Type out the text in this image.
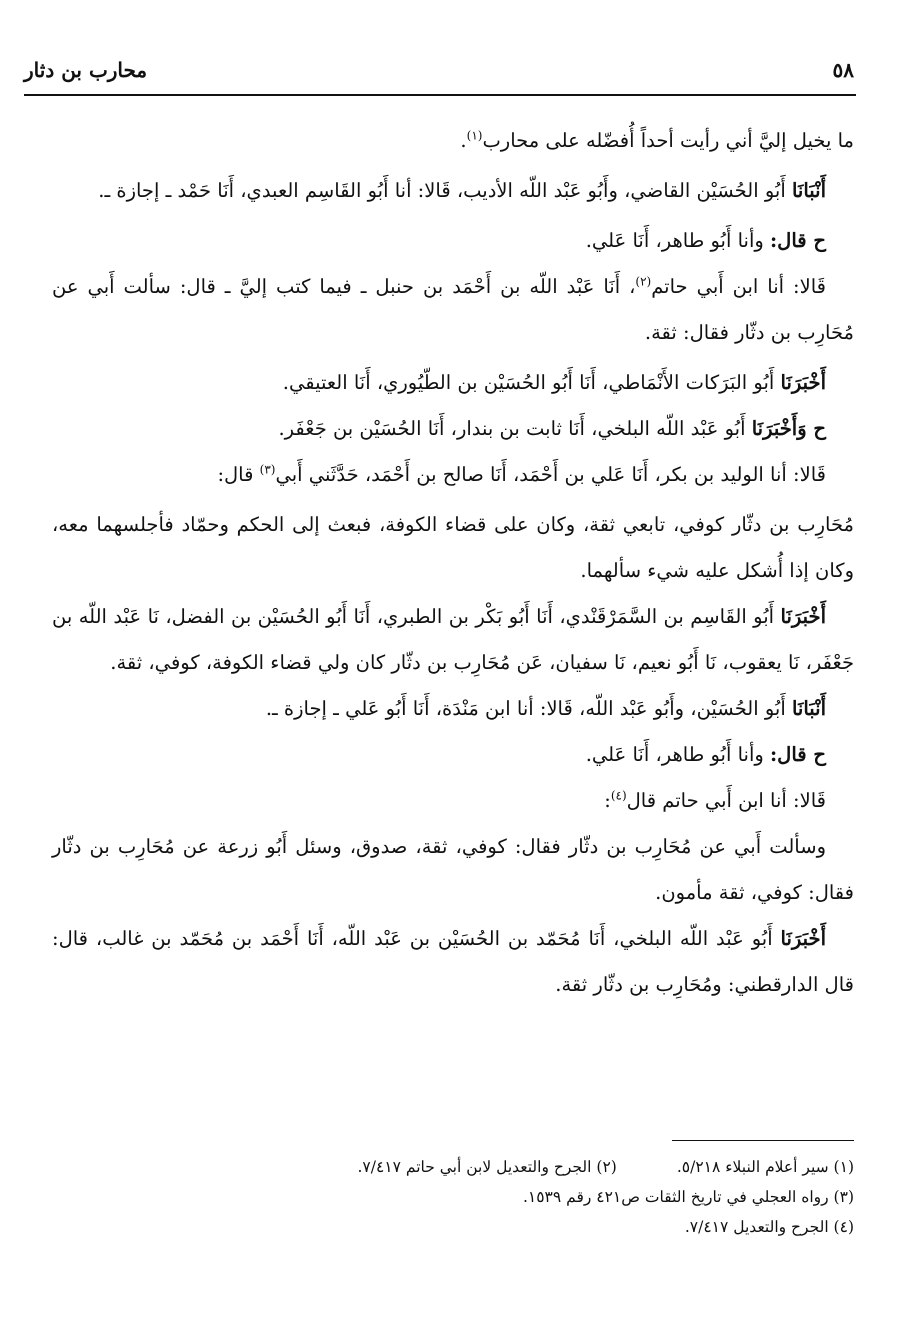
٥٨
محارب بن دثار

ما يخيل إليَّ أني رأيت أحداً أُفضّله على محارب$^{(١)}$.

أَنْبَانَا أَبُو الحُسَيْن القاضي، وأَبُو عَبْد اللّه الأديب، قَالا: أنا أَبُو القَاسِم العبدي، أَنَا حَمْد ـ إجازة ـ.

ح قال: وأنا أَبُو طاهر، أَنَا عَلي.

قَالا: أنا ابن أَبي حاتم$^{(٢)}$، أَنَا عَبْد اللّه بن أَحْمَد بن حنبل ـ فيما كتب إليَّ ـ قال: سألت أَبي عن مُحَارِب بن دثّار فقال: ثقة.

أَخْبَرَنَا أَبُو البَرَكات الأَنْمَاطي، أَنَا أَبُو الحُسَيْن بن الطّيُوري، أَنَا العتيقي.

ح وَأَخْبَرَنَا أَبُو عَبْد اللّه البلخي، أَنَا ثابت بن بندار، أَنَا الحُسَيْن بن جَعْفَر.

قَالا: أنا الوليد بن بكر، أَنَا عَلي بن أَحْمَد، أَنَا صالح بن أَحْمَد، حَدَّثَني أَبي$^{(٣)}$ قال:

مُحَارِب بن دثّار كوفي، تابعي ثقة، وكان على قضاء الكوفة، فبعث إلى الحكم وحمّاد فأجلسهما معه، وكان إذا أُشكل عليه شيء سألهما.

أَخْبَرَنَا أَبُو القَاسِم بن السَّمَرْقَنْدي، أَنَا أَبُو بَكْر بن الطبري، أَنَا أَبُو الحُسَيْن بن الفضل، نَا عَبْد اللّه بن جَعْفَر، نَا يعقوب، نَا أَبُو نعيم، نَا سفيان، عَن مُحَارِب بن دثّار كان ولي قضاء الكوفة، كوفي، ثقة.

أَنْبَانَا أَبُو الحُسَيْن، وأَبُو عَبْد اللّه، قَالا: أنا ابن مَنْدَة، أَنَا أَبُو عَلي ـ إجازة ـ.

ح قال: وأنا أَبُو طاهر، أَنَا عَلي.

قَالا: أنا ابن أَبي حاتم قال$^{(٤)}$:

وسألت أَبي عن مُحَارِب بن دثّار فقال: كوفي، ثقة، صدوق، وسئل أَبُو زرعة عن مُحَارِب بن دثّار فقال: كوفي، ثقة مأمون.

أَخْبَرَنَا أَبُو عَبْد اللّه البلخي، أَنَا مُحَمّد بن الحُسَيْن بن عَبْد اللّه، أَنَا أَحْمَد بن مُحَمّد بن غالب، قال: قال الدارقطني: ومُحَارِب بن دثّار ثقة.

(١) سير أعلام النبلاء ٥/٢١٨.
(٢) الجرح والتعديل لابن أبي حاتم ٧/٤١٧.
(٣) رواه العجلي في تاريخ الثقات ص٤٢١ رقم ١٥٣٩.
(٤) الجرح والتعديل ٧/٤١٧.
